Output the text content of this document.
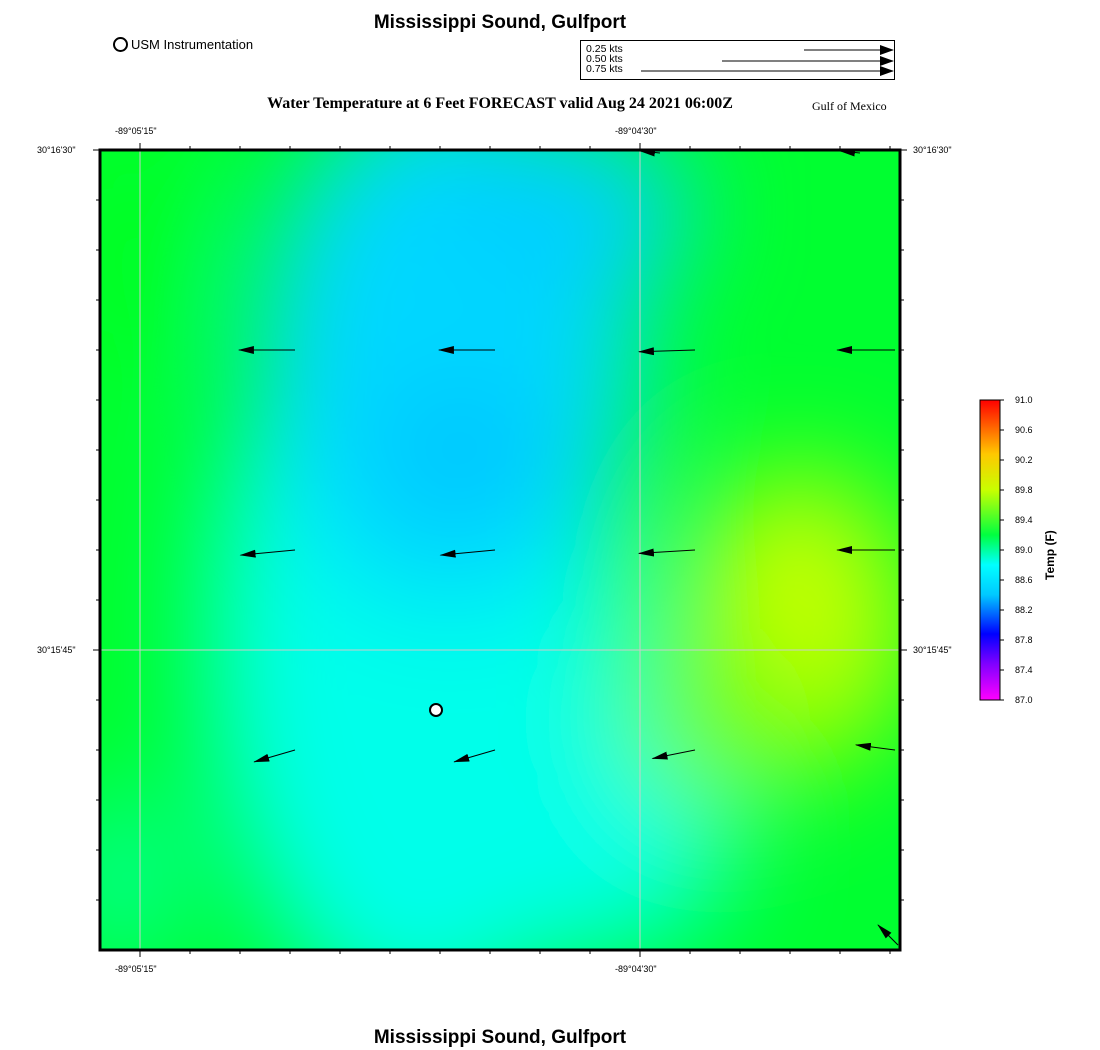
Mississippi Sound, Gulfport
USM Instrumentation	0.25 kts
0.50 kts
0.75 kts
Water Temperature at 6 Feet FORECAST valid Aug 24 2021 06:00Z	Gulf of Mexico
-89°05'15"	-89°04'30"
-89°05'15"	-89°04'30"
30°16'30"
30°15'45"
30°16'30"
30°15'45"
91.0
90.6
90.2
89.8
89.4
89.0
88.6
88.2
87.8
87.4
87.0
Temp (F)
Mississippi Sound, Gulfport
